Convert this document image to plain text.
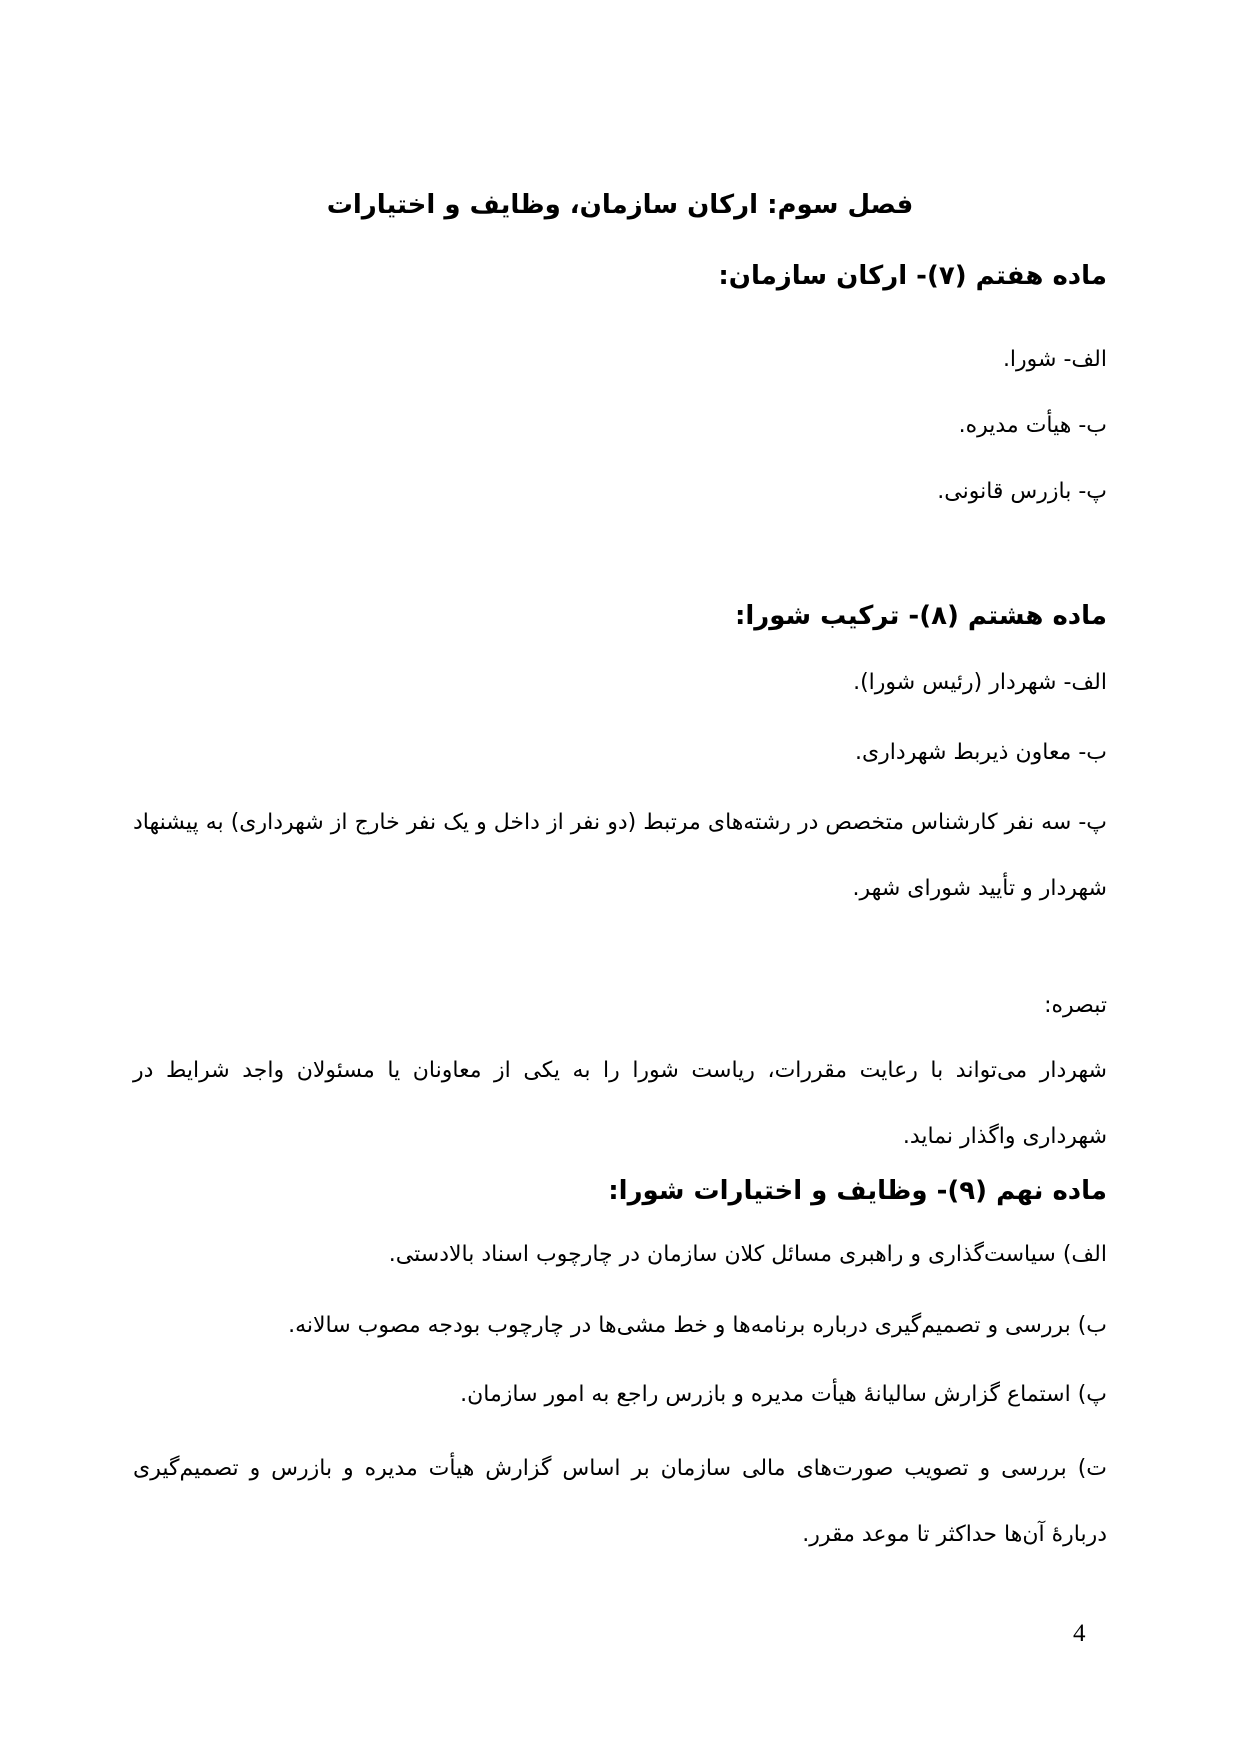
فصل سوم: ارکان سازمان، وظایف و اختیارات
ماده هفتم (۷)- ارکان سازمان:

الف- شورا.

ب- هیأت مدیره.

پ- بازرس قانونی.

ماده هشتم (۸)- ترکیب شورا:

الف- شهردار (رئیس شورا).

ب- معاون ذیربط شهرداری.

پ- سه نفر کارشناس متخصص در رشته‌های مرتبط (دو نفر از داخل و یک نفر خارج از شهرداری) به پیشنهاد شهردار و تأیید شورای شهر.

تبصره:

شهردار می‌تواند با رعایت مقررات، ریاست شورا را به یکی از معاونان یا مسئولان واجد شرایط در شهرداری واگذار نماید.

ماده نهم (۹)- وظایف و اختیارات شورا:

الف) سیاست‌گذاری و راهبری مسائل کلان سازمان در چارچوب اسناد بالادستی.

ب) بررسی و تصمیم‌گیری درباره برنامه‌ها و خط مشی‌ها در چارچوب بودجه مصوب سالانه.

پ) استماع گزارش سالیانۀ هیأت مدیره و بازرس راجع به امور سازمان.

ت) بررسی و تصویب صورت‌های مالی سازمان بر اساس گزارش هیأت مدیره و بازرس و تصمیم‌گیری دربارۀ آن‌ها حداکثر تا موعد مقرر.

4
